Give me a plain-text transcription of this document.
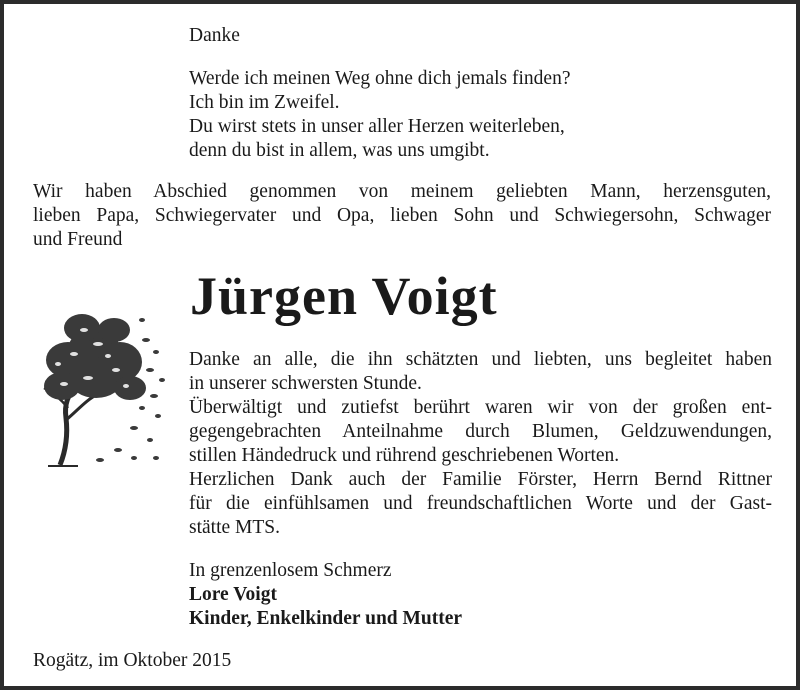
Danke
Werde ich meinen Weg ohne dich jemals finden?
Ich bin im Zweifel.
Du wirst stets in unser aller Herzen weiterleben,
denn du bist in allem, was uns umgibt.
Wir haben Abschied genommen von meinem geliebten Mann, herzensguten,
lieben Papa, Schwiegervater und Opa, lieben Sohn und Schwiegersohn, Schwager
und Freund
Jürgen Voigt
Danke an alle, die ihn schätzten und liebten, uns begleitet haben
in unserer schwersten Stunde.
Überwältigt und zutiefst berührt waren wir von der großen ent-
gegengebrachten Anteilnahme durch Blumen, Geldzuwendungen,
stillen Händedruck und rührend geschriebenen Worten.
Herzlichen Dank auch der Familie Förster, Herrn Bernd Rittner
für die einfühlsamen und freundschaftlichen Worte und der Gast-
stätte MTS.
In grenzenlosem Schmerz
Lore Voigt
Kinder, Enkelkinder und Mutter
Rogätz, im Oktober 2015
